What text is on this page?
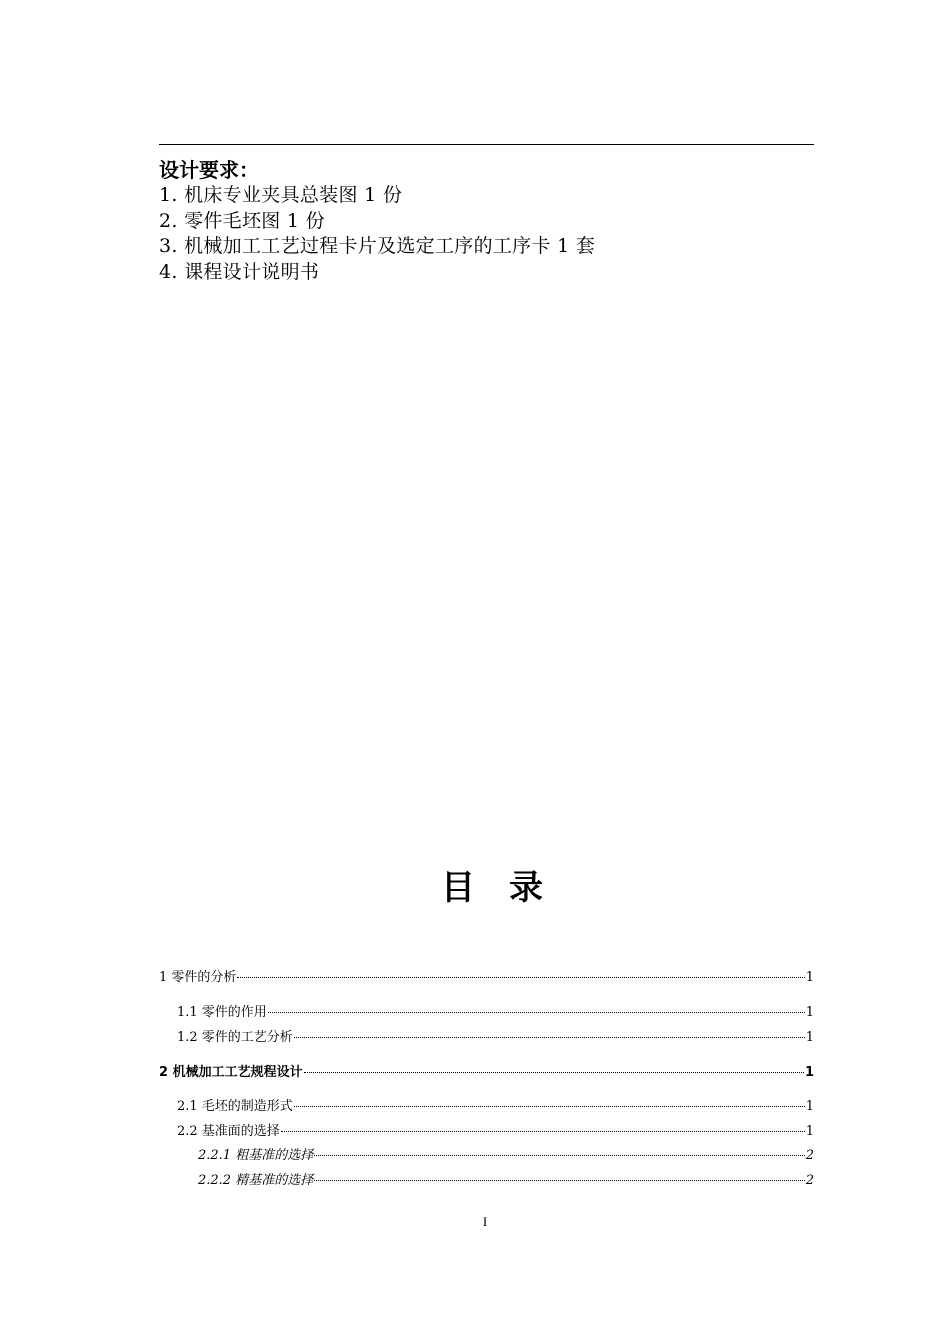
设计要求：
1. 机床专业夹具总装图 1 份
2. 零件毛坯图 1 份
3. 机械加工工艺过程卡片及选定工序的工序卡 1 套
4. 课程设计说明书
目录
1 零件的分析	1
1.1 零件的作用	1
1.2 零件的工艺分析	1
2 机械加工工艺规程设计	1
2.1 毛坯的制造形式	1
2.2 基准面的选择	1
2.2.1 粗基准的选择	2
2.2.2 精基准的选择	2
I
